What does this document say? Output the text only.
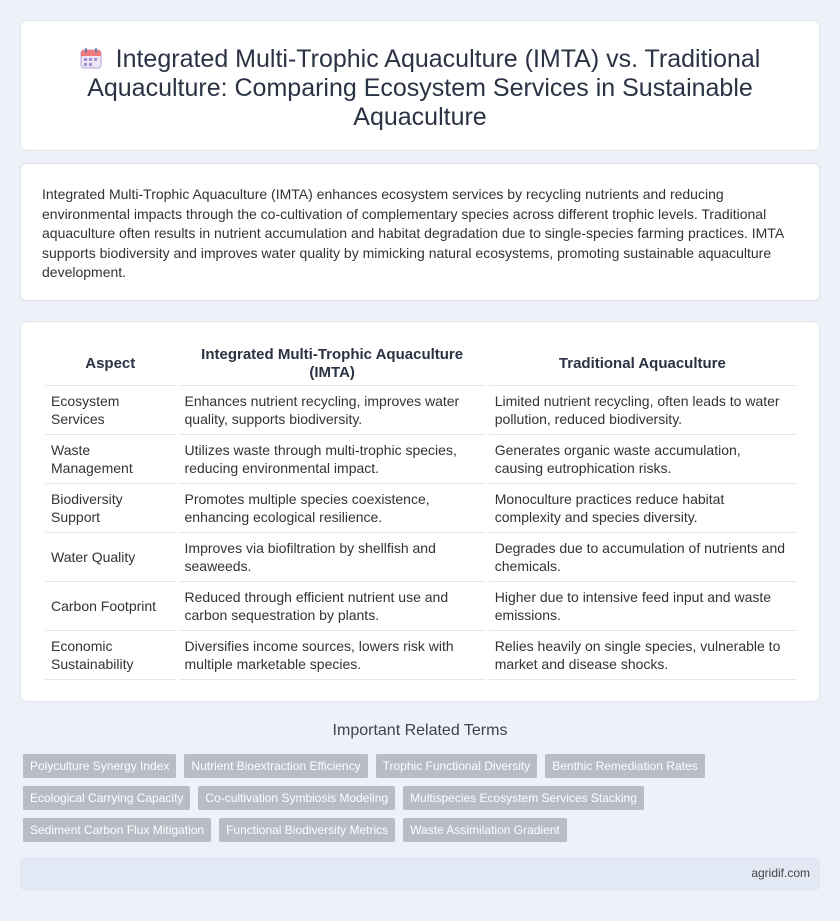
Integrated Multi-Trophic Aquaculture (IMTA) vs. Traditional Aquaculture: Comparing Ecosystem Services in Sustainable Aquaculture

Integrated Multi-Trophic Aquaculture (IMTA) enhances ecosystem services by recycling nutrients and reducing environmental impacts through the co-cultivation of complementary species across different trophic levels. Traditional aquaculture often results in nutrient accumulation and habitat degradation due to single-species farming practices. IMTA supports biodiversity and improves water quality by mimicking natural ecosystems, promoting sustainable aquaculture development.

Aspect	Integrated Multi-Trophic Aquaculture (IMTA)	Traditional Aquaculture
Ecosystem Services	Enhances nutrient recycling, improves water quality, supports biodiversity.	Limited nutrient recycling, often leads to water pollution, reduced biodiversity.
Waste Management	Utilizes waste through multi-trophic species, reducing environmental impact.	Generates organic waste accumulation, causing eutrophication risks.
Biodiversity Support	Promotes multiple species coexistence, enhancing ecological resilience.	Monoculture practices reduce habitat complexity and species diversity.
Water Quality	Improves via biofiltration by shellfish and seaweeds.	Degrades due to accumulation of nutrients and chemicals.
Carbon Footprint	Reduced through efficient nutrient use and carbon sequestration by plants.	Higher due to intensive feed input and waste emissions.
Economic Sustainability	Diversifies income sources, lowers risk with multiple marketable species.	Relies heavily on single species, vulnerable to market and disease shocks.
Important Related Terms
Polyculture Synergy Index	Nutrient Bioextraction Efficiency	Trophic Functional Diversity	Benthic Remediation Rates
Ecological Carrying Capacity	Co-cultivation Symbiosis Modeling	Multispecies Ecosystem Services Stacking
Sediment Carbon Flux Mitigation	Functional Biodiversity Metrics	Waste Assimilation Gradient
agridif.com
